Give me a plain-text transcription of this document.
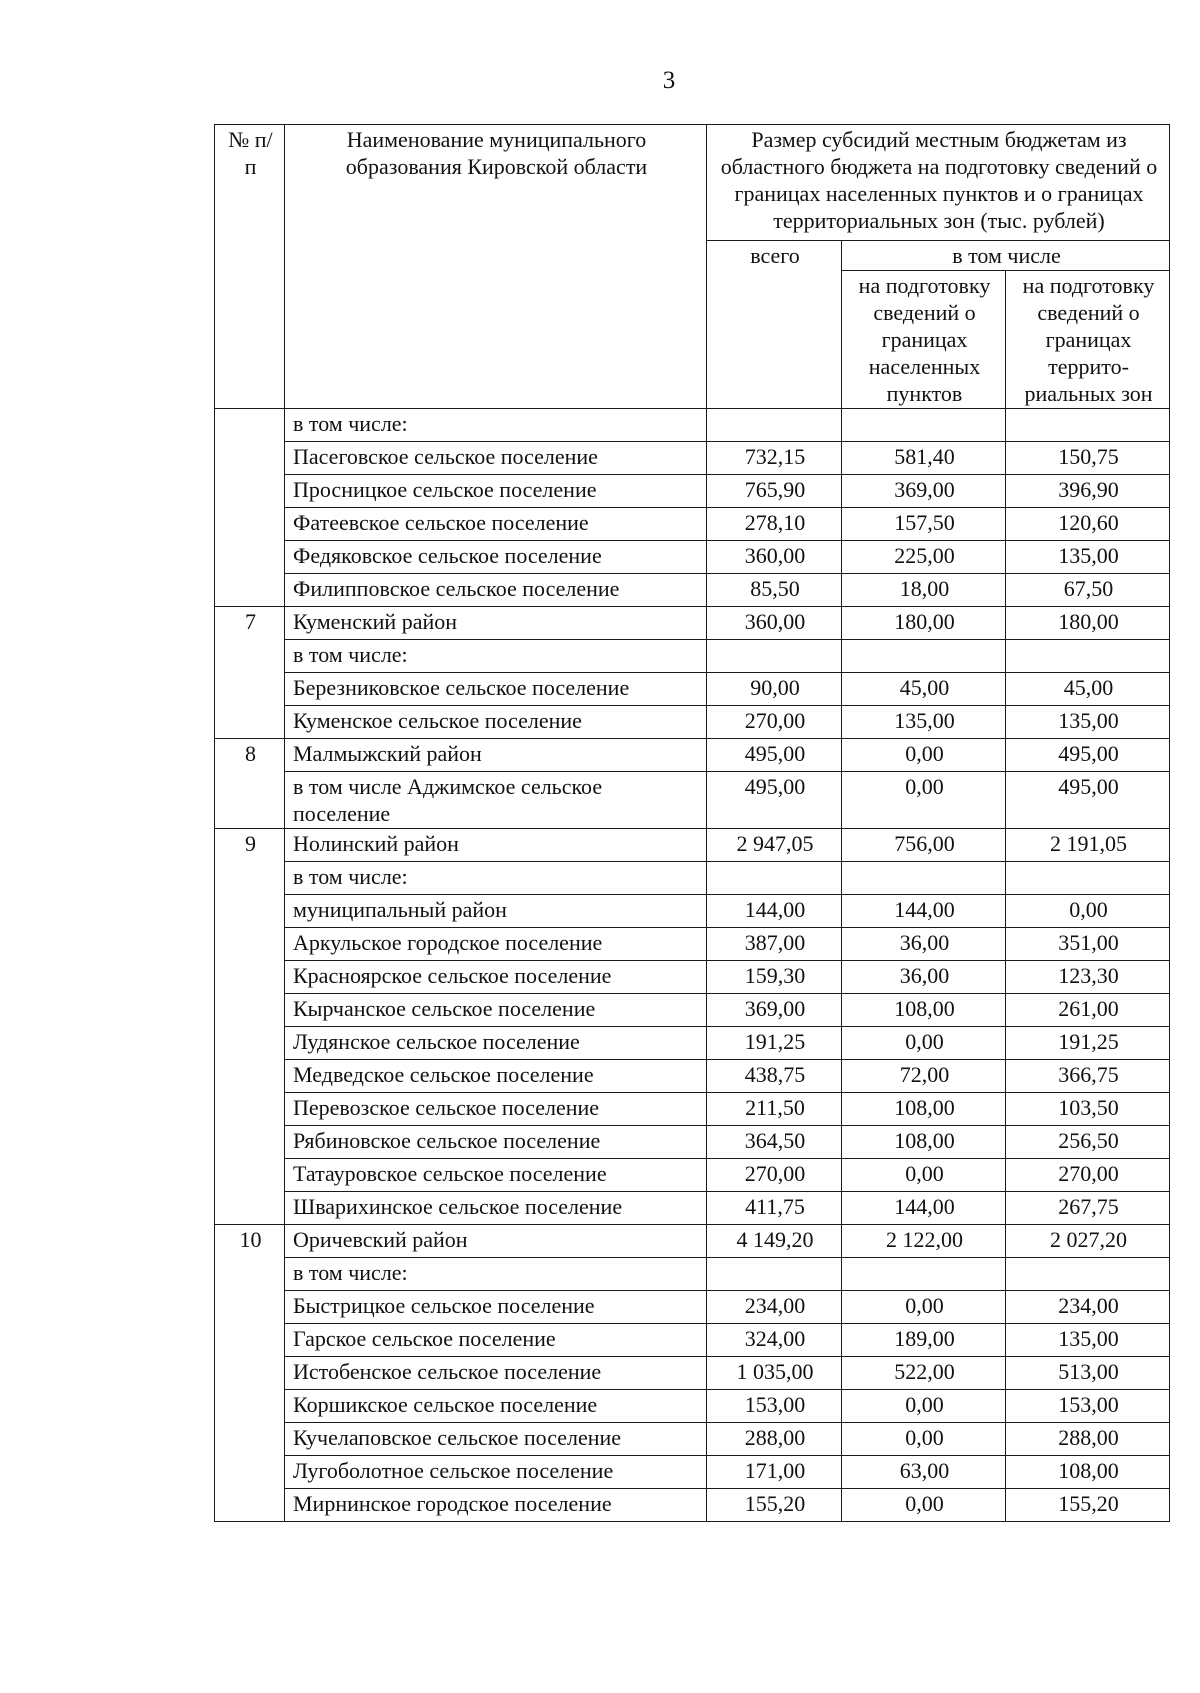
3
№ п/п	Наименование муниципального образования Кировской области	Размер субсидий местным бюджетам из областного бюджета на подготовку сведений о границах населенных пунктов и о границах территориальных зон (тыс. рублей)		
		всего	в том числе	
			на подготовку сведений о границах населенных пунктов	на подготовку сведений о границах террито-риальных зон
	в том числе:			
	Пасеговское сельское поселение	732,15	581,40	150,75
	Просницкое сельское поселение	765,90	369,00	396,90
	Фатеевское сельское поселение	278,10	157,50	120,60
	Федяковское сельское поселение	360,00	225,00	135,00
	Филипповское сельское поселение	85,50	18,00	67,50
7	Куменский район	360,00	180,00	180,00
	в том числе:			
	Березниковское сельское поселение	90,00	45,00	45,00
	Куменское сельское поселение	270,00	135,00	135,00
8	Малмыжский район	495,00	0,00	495,00
	в том числе Аджимское сельское поселение	495,00	0,00	495,00
9	Нолинский район	2 947,05	756,00	2 191,05
	в том числе:			
	муниципальный район	144,00	144,00	0,00
	Аркульское городское поселение	387,00	36,00	351,00
	Красноярское сельское поселение	159,30	36,00	123,30
	Кырчанское сельское поселение	369,00	108,00	261,00
	Лудянское сельское поселение	191,25	0,00	191,25
	Медведское сельское поселение	438,75	72,00	366,75
	Перевозское сельское поселение	211,50	108,00	103,50
	Рябиновское сельское поселение	364,50	108,00	256,50
	Татауровское сельское поселение	270,00	0,00	270,00
	Шварихинское сельское поселение	411,75	144,00	267,75
10	Оричевский район	4 149,20	2 122,00	2 027,20
	в том числе:			
	Быстрицкое сельское поселение	234,00	0,00	234,00
	Гарское сельское поселение	324,00	189,00	135,00
	Истобенское сельское поселение	1 035,00	522,00	513,00
	Коршикское сельское поселение	153,00	0,00	153,00
	Кучелаповское сельское поселение	288,00	0,00	288,00
	Лугоболотное сельское поселение	171,00	63,00	108,00
	Мирнинское городское поселение	155,20	0,00	155,20
